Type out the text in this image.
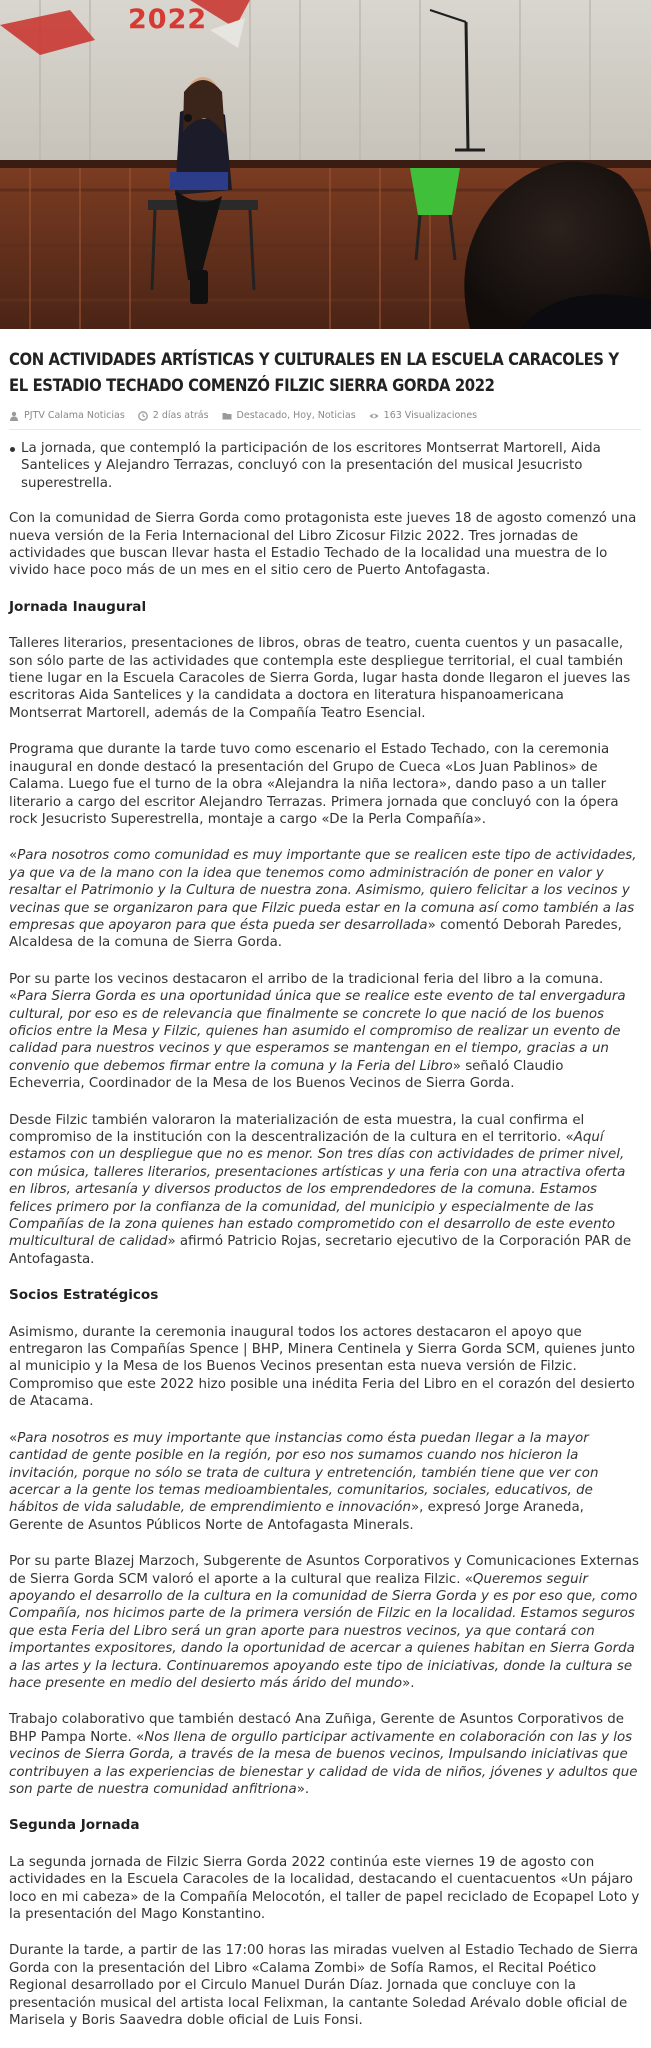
2022
CON ACTIVIDADES ARTÍSTICAS Y CULTURALES EN LA ESCUELA CARACOLES Y EL ESTADIO TECHADO COMENZÓ FILZIC SIERRA GORDA 2022
PJTV Calama Noticias	2 días atrás	Destacado, Hoy, Noticias	163 Visualizaciones
La jornada, que contempló la participación de los escritores Montserrat Martorell, Aida Santelices y Alejandro Terrazas, concluyó con la presentación del musical Jesucristo superestrella.

Con la comunidad de Sierra Gorda como protagonista este jueves 18 de agosto comenzó una nueva versión de la Feria Internacional del Libro Zicosur Filzic 2022. Tres jornadas de actividades que buscan llevar hasta el Estadio Techado de la localidad una muestra de lo vivido hace poco más de un mes en el sitio cero de Puerto Antofagasta.

Jornada Inaugural

Talleres literarios, presentaciones de libros, obras de teatro, cuenta cuentos y un pasacalle, son sólo parte de las actividades que contempla este despliegue territorial, el cual también tiene lugar en la Escuela Caracoles de Sierra Gorda, lugar hasta donde llegaron el jueves las escritoras Aida Santelices y la candidata a doctora en literatura hispanoamericana Montserrat Martorell, además de la Compañía Teatro Esencial.

Programa que durante la tarde tuvo como escenario el Estado Techado, con la ceremonia inaugural en donde destacó la presentación del Grupo de Cueca «Los Juan Pablinos» de Calama. Luego fue el turno de la obra «Alejandra la niña lectora», dando paso a un taller literario a cargo del escritor Alejandro Terrazas. Primera jornada que concluyó con la ópera rock Jesucristo Superestrella, montaje a cargo «De la Perla Compañía».

«Para nosotros como comunidad es muy importante que se realicen este tipo de actividades, ya que va de la mano con la idea que tenemos como administración de poner en valor y resaltar el Patrimonio y la Cultura de nuestra zona. Asimismo, quiero felicitar a los vecinos y vecinas que se organizaron para que Filzic pueda estar en la comuna así como también a las empresas que apoyaron para que ésta pueda ser desarrollada» comentó Deborah Paredes, Alcaldesa de la comuna de Sierra Gorda.

Por su parte los vecinos destacaron el arribo de la tradicional feria del libro a la comuna. «Para Sierra Gorda es una oportunidad única que se realice este evento de tal envergadura cultural, por eso es de relevancia que finalmente se concrete lo que nació de los buenos oficios entre la Mesa y Filzic, quienes han asumido el compromiso de realizar un evento de calidad para nuestros vecinos y que esperamos se mantengan en el tiempo, gracias a un convenio que debemos firmar entre la comuna y la Feria del Libro» señaló Claudio Echeverria, Coordinador de la Mesa de los Buenos Vecinos de Sierra Gorda.

Desde Filzic también valoraron la materialización de esta muestra, la cual confirma el compromiso de la institución con la descentralización de la cultura en el territorio. «Aquí estamos con un despliegue que no es menor. Son tres días con actividades de primer nivel, con música, talleres literarios, presentaciones artísticas y una feria con una atractiva oferta en libros, artesanía y diversos productos de los emprendedores de la comuna. Estamos felices primero por la confianza de la comunidad, del municipio y especialmente de las Compañías de la zona quienes han estado comprometido con el desarrollo de este evento multicultural de calidad» afirmó Patricio Rojas, secretario ejecutivo de la Corporación PAR de Antofagasta.

Socios Estratégicos

Asimismo, durante la ceremonia inaugural todos los actores destacaron el apoyo que entregaron las Compañías Spence | BHP, Minera Centinela y Sierra Gorda SCM, quienes junto al municipio y la Mesa de los Buenos Vecinos presentan esta nueva versión de Filzic. Compromiso que este 2022 hizo posible una inédita Feria del Libro en el corazón del desierto de Atacama.

«Para nosotros es muy importante que instancias como ésta puedan llegar a la mayor cantidad de gente posible en la región, por eso nos sumamos cuando nos hicieron la invitación, porque no sólo se trata de cultura y entretención, también tiene que ver con acercar a la gente los temas medioambientales, comunitarios, sociales, educativos, de hábitos de vida saludable, de emprendimiento e innovación», expresó Jorge Araneda, Gerente de Asuntos Públicos Norte de Antofagasta Minerals.

Por su parte Blazej Marzoch, Subgerente de Asuntos Corporativos y Comunicaciones Externas de Sierra Gorda SCM valoró el aporte a la cultural que realiza Filzic. «Queremos seguir apoyando el desarrollo de la cultura en la comunidad de Sierra Gorda y es por eso que, como Compañía, nos hicimos parte de la primera versión de Filzic en la localidad. Estamos seguros que esta Feria del Libro será un gran aporte para nuestros vecinos, ya que contará con importantes expositores, dando la oportunidad de acercar a quienes habitan en Sierra Gorda a las artes y la lectura. Continuaremos apoyando este tipo de iniciativas, donde la cultura se hace presente en medio del desierto más árido del mundo».

Trabajo colaborativo que también destacó Ana Zuñiga, Gerente de Asuntos Corporativos de BHP Pampa Norte. «Nos llena de orgullo participar activamente en colaboración con las y los vecinos de Sierra Gorda, a través de la mesa de buenos vecinos, Impulsando iniciativas que contribuyen a las experiencias de bienestar y calidad de vida de niños, jóvenes y adultos que son parte de nuestra comunidad anfitriona».

Segunda Jornada

La segunda jornada de Filzic Sierra Gorda 2022 continúa este viernes 19 de agosto con actividades en la Escuela Caracoles de la localidad, destacando el cuentacuentos «Un pájaro loco en mi cabeza» de la Compañía Melocotón, el taller de papel reciclado de Ecopapel Loto y la presentación del Mago Konstantino.

Durante la tarde, a partir de las 17:00 horas las miradas vuelven al Estadio Techado de Sierra Gorda con la presentación del Libro «Calama Zombi» de Sofía Ramos, el Recital Poético Regional desarrollado por el Circulo Manuel Durán Díaz. Jornada que concluye con la presentación musical del artista local Felixman, la cantante Soledad Arévalo doble oficial de Marisela y Boris Saavedra doble oficial de Luis Fonsi.
